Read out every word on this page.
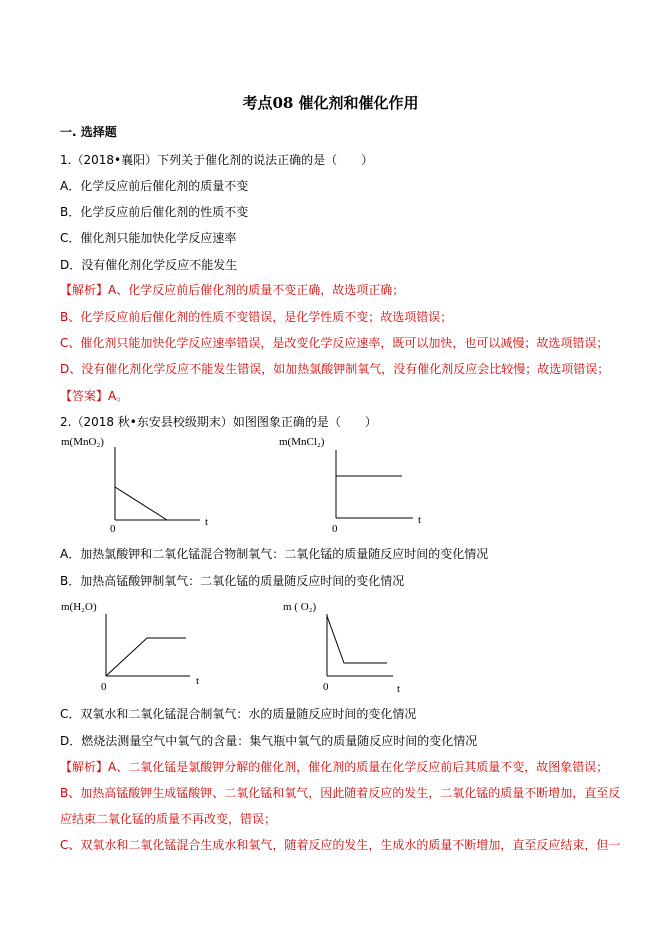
考点08 催化剂和催化作用
一. 选择题
1.（2018•襄阳）下列关于催化剂的说法正确的是（　　）
A．化学反应前后催化剂的质量不变
B．化学反应前后催化剂的性质不变
C．催化剂只能加快化学反应速率
D．没有催化剂化学反应不能发生
【解析】A、化学反应前后催化剂的质量不变正确，故选项正确；
B、化学反应前后催化剂的性质不变错误，是化学性质不变；故选项错误；
C、催化剂只能加快化学反应速率错误，是改变化学反应速率，既可以加快，也可以减慢；故选项错误；
D、没有催化剂化学反应不能发生错误，如加热氯酸钾制氧气，没有催化剂反应会比较慢；故选项错误；
【答案】A。
2.（2018 秋•东安县校级期末）如图图象正确的是（　　）
m(MnO₂)
0
t
m(MnCl₂)
0
t
A．加热氯酸钾和二氧化锰混合物制氧气：二氧化锰的质量随反应时间的变化情况
B．加热高锰酸钾制氧气：二氧化锰的质量随反应时间的变化情况
m(H₂O)
0	t
m ( O₂)
0	t
C．双氧水和二氧化锰混合制氧气：水的质量随反应时间的变化情况
D．燃烧法测量空气中氧气的含量：集气瓶中氧气的质量随反应时间的变化情况
【解析】A、二氧化锰是氯酸钾分解的催化剂，催化剂的质量在化学反应前后其质量不变，故图象错误；
B、加热高锰酸钾生成锰酸钾、二氧化锰和氧气，因此随着反应的发生，二氧化锰的质量不断增加，直至反
应结束二氧化锰的质量不再改变，错误；
C、双氧水和二氧化锰混合生成水和氧气，随着反应的发生，生成水的质量不断增加，直至反应结束，但一
